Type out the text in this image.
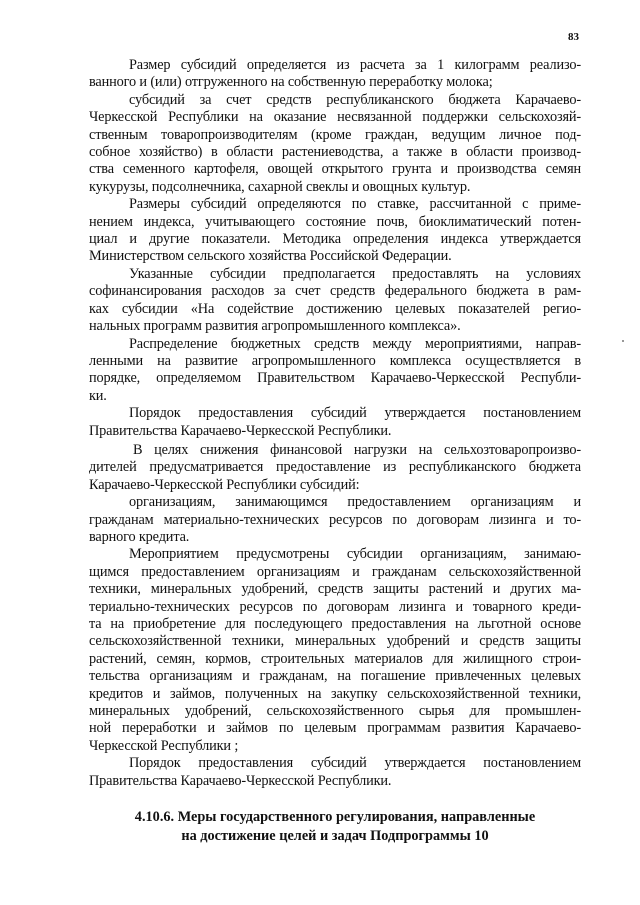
83
Размер субсидий определяется из расчета за 1 килограмм реализо-
ванного и (или) отгруженного на собственную переработку молока;
субсидий за счет средств республиканского бюджета Карачаево-
Черкесской Республики на оказание несвязанной поддержки сельскохозяй-
ственным товаропроизводителям (кроме граждан, ведущим личное под-
собное хозяйство) в области растениеводства, а также в области производ-
ства семенного картофеля, овощей открытого грунта и производства семян
кукурузы, подсолнечника, сахарной свеклы и овощных культур.
Размеры субсидий определяются по ставке, рассчитанной с приме-
нением индекса, учитывающего состояние почв, биоклиматический потен-
циал и другие показатели. Методика определения индекса утверждается
Министерством сельского хозяйства Российской Федерации.
Указанные субсидии предполагается предоставлять на условиях
софинансирования расходов за счет средств федерального бюджета в рам-
ках субсидии «На содействие достижению целевых показателей регио-
нальных программ развития агропромышленного комплекса».
Распределение бюджетных средств между мероприятиями, направ-
ленными на развитие агропромышленного комплекса осуществляется в
порядке, определяемом Правительством Карачаево-Черкесской Республи-
ки.
Порядок предоставления субсидий утверждается постановлением
Правительства Карачаево-Черкесской Республики.
В целях снижения финансовой нагрузки на сельхозтоваропроизво-
дителей предусматривается предоставление из республиканского бюджета
Карачаево-Черкесской Республики субсидий:
организациям, занимающимся предоставлением организациям и
гражданам материально-технических ресурсов по договорам лизинга и то-
варного кредита.
Мероприятием предусмотрены субсидии организациям, занимаю-
щимся предоставлением организациям и гражданам сельскохозяйственной
техники, минеральных удобрений, средств защиты растений и других ма-
териально-технических ресурсов по договорам лизинга и товарного креди-
та на приобретение для последующего предоставления на льготной основе
сельскохозяйственной техники, минеральных удобрений и средств защиты
растений, семян, кормов, строительных материалов для жилищного строи-
тельства организациям и гражданам, на погашение привлеченных целевых
кредитов и займов, полученных на закупку сельскохозяйственной техники,
минеральных удобрений, сельскохозяйственного сырья для промышлен-
ной переработки и займов по целевым программам развития Карачаево-
Черкесской Республики ;
Порядок предоставления субсидий утверждается постановлением
Правительства Карачаево-Черкесской Республики.
4.10.6. Меры государственного регулирования, направленные
на достижение целей и задач Подпрограммы 10
